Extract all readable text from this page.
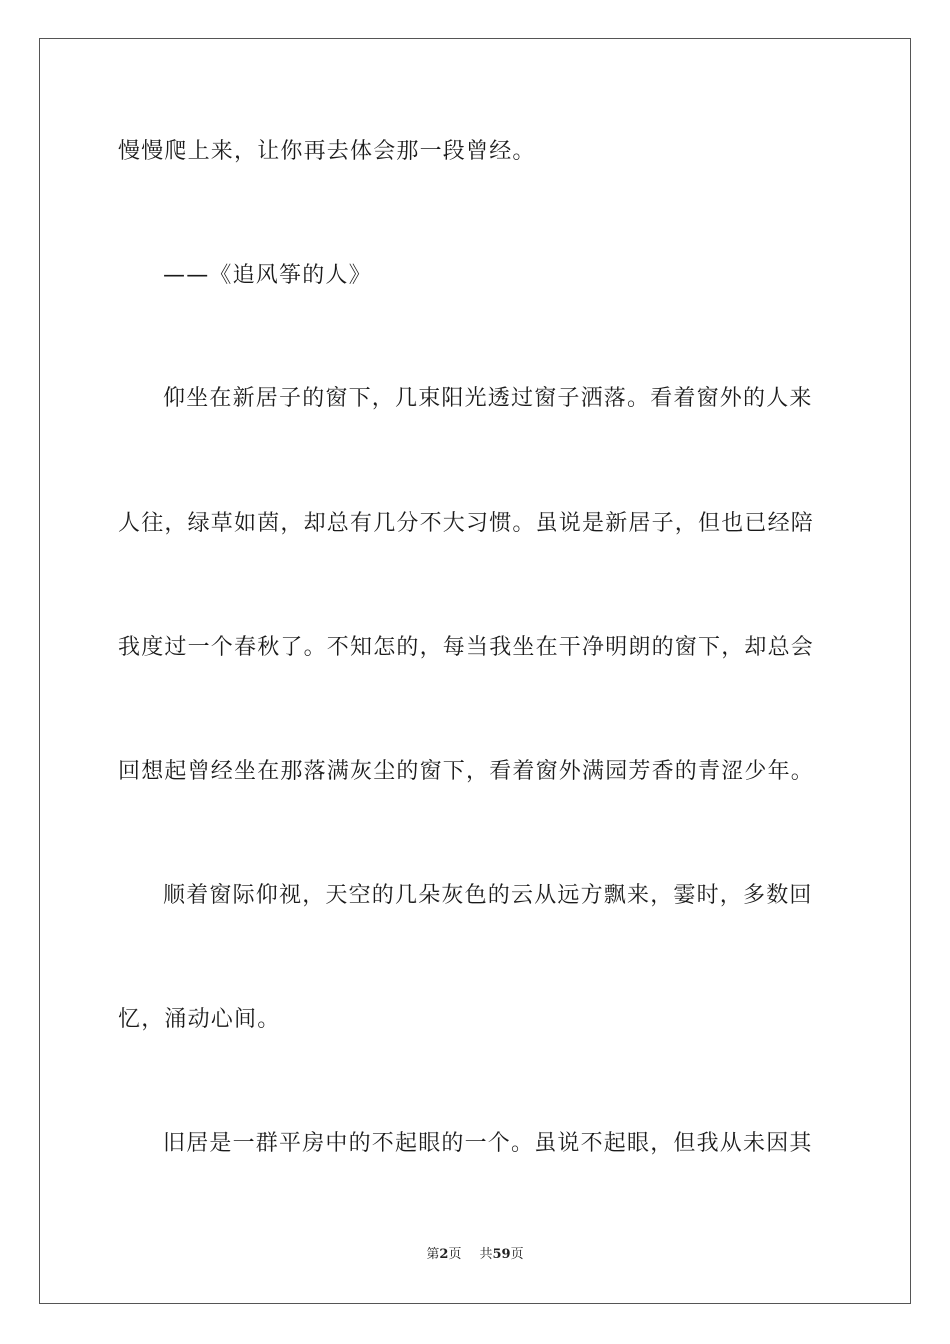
慢慢爬上来，让你再去体会那一段曾经。
——《追风筝的人》
仰坐在新居子的窗下，几束阳光透过窗子洒落。看着窗外的人来
人往，绿草如茵，却总有几分不大习惯。虽说是新居子，但也已经陪
我度过一个春秋了。不知怎的，每当我坐在干净明朗的窗下，却总会
回想起曾经坐在那落满灰尘的窗下，看着窗外满园芳香的青涩少年。
顺着窗际仰视，天空的几朵灰色的云从远方飘来，霎时，多数回
忆，涌动心间。
旧居是一群平房中的不起眼的一个。虽说不起眼，但我从未因其
第2页 共59页
